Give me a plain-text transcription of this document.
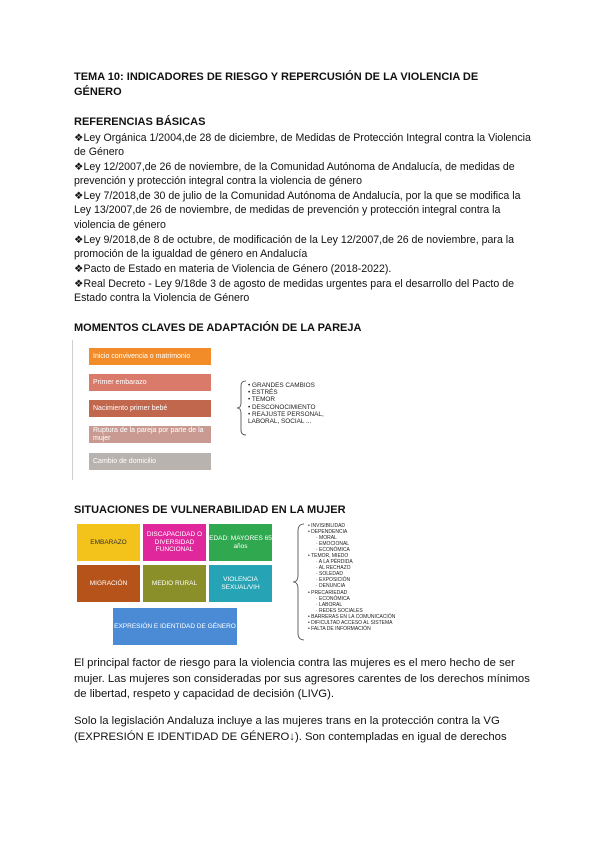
TEMA 10: INDICADORES DE RIESGO Y REPERCUSIÓN DE LA VIOLENCIA DE GÉNERO
REFERENCIAS BÁSICAS
❖Ley Orgánica 1/2004,de 28 de diciembre, de Medidas de Protección Integral contra la Violencia de Género
❖Ley 12/2007,de 26 de noviembre, de la Comunidad Autónoma de Andalucía, de medidas de prevención y protección integral contra la violencia de género
❖Ley 7/2018,de 30 de julio de la Comunidad Autónoma de Andalucía, por la que se modifica la Ley 13/2007,de 26 de noviembre, de medidas de prevención y protección integral contra la violencia de género
❖Ley 9/2018,de 8 de octubre, de modificación de la Ley 12/2007,de 26 de noviembre, para la promoción de la igualdad de género en Andalucía
❖Pacto de Estado en materia de Violencia de Género (2018-2022).
❖Real Decreto - Ley 9/18de 3 de agosto de medidas urgentes para el desarrollo del Pacto de Estado contra la Violencia de Género
MOMENTOS CLAVES DE ADAPTACIÓN DE LA PAREJA
Inicio convivencia o matrimonio
Primer embarazo
Nacimiento primer bebé
Ruptura de la pareja por parte de la mujer
Cambio de domicilio
• GRANDES CAMBIOS
• ESTRÉS
• TEMOR
• DESCONOCIMIENTO
• REAJUSTE PERSONAL, LABORAL, SOCIAL ...
SITUACIONES DE VULNERABILIDAD EN LA MUJER
EMBARAZO
DISCAPACIDAD O DIVERSIDAD FUNCIONAL
EDAD: MAYORES 65 años
MIGRACIÓN	MEDIO RURAL
VIOLENCIA SEXUAL/VIH
EXPRESIÓN E IDENTIDAD DE GÉNERO
• INVISIBILIDAD
• DEPENDENCIA
· MORAL
· EMOCIONAL
· ECONÓMICA
• TEMOR, MIEDO
· A LA PÉRDIDA
· AL RECHAZO
· SOLEDAD
· EXPOSICIÓN
· DENUNCIA
• PRECARIEDAD
· ECONÓMICA
· LABORAL
· REDES SOCIALES
• BARRERAS EN LA COMUNICACIÓN
• DIFICULTAD ACCESO AL SISTEMA
• FALTA DE INFORMACIÓN
El principal factor de riesgo para la violencia contra las mujeres es el mero hecho de ser mujer. Las mujeres son consideradas por sus agresores carentes de los derechos mínimos de libertad, respeto y capacidad de decisión (LIVG).
Solo la legislación Andaluza incluye a las mujeres trans en la protección contra la VG (EXPRESIÓN E IDENTIDAD DE GÉNERO↓). Son contempladas en igual de derechos
